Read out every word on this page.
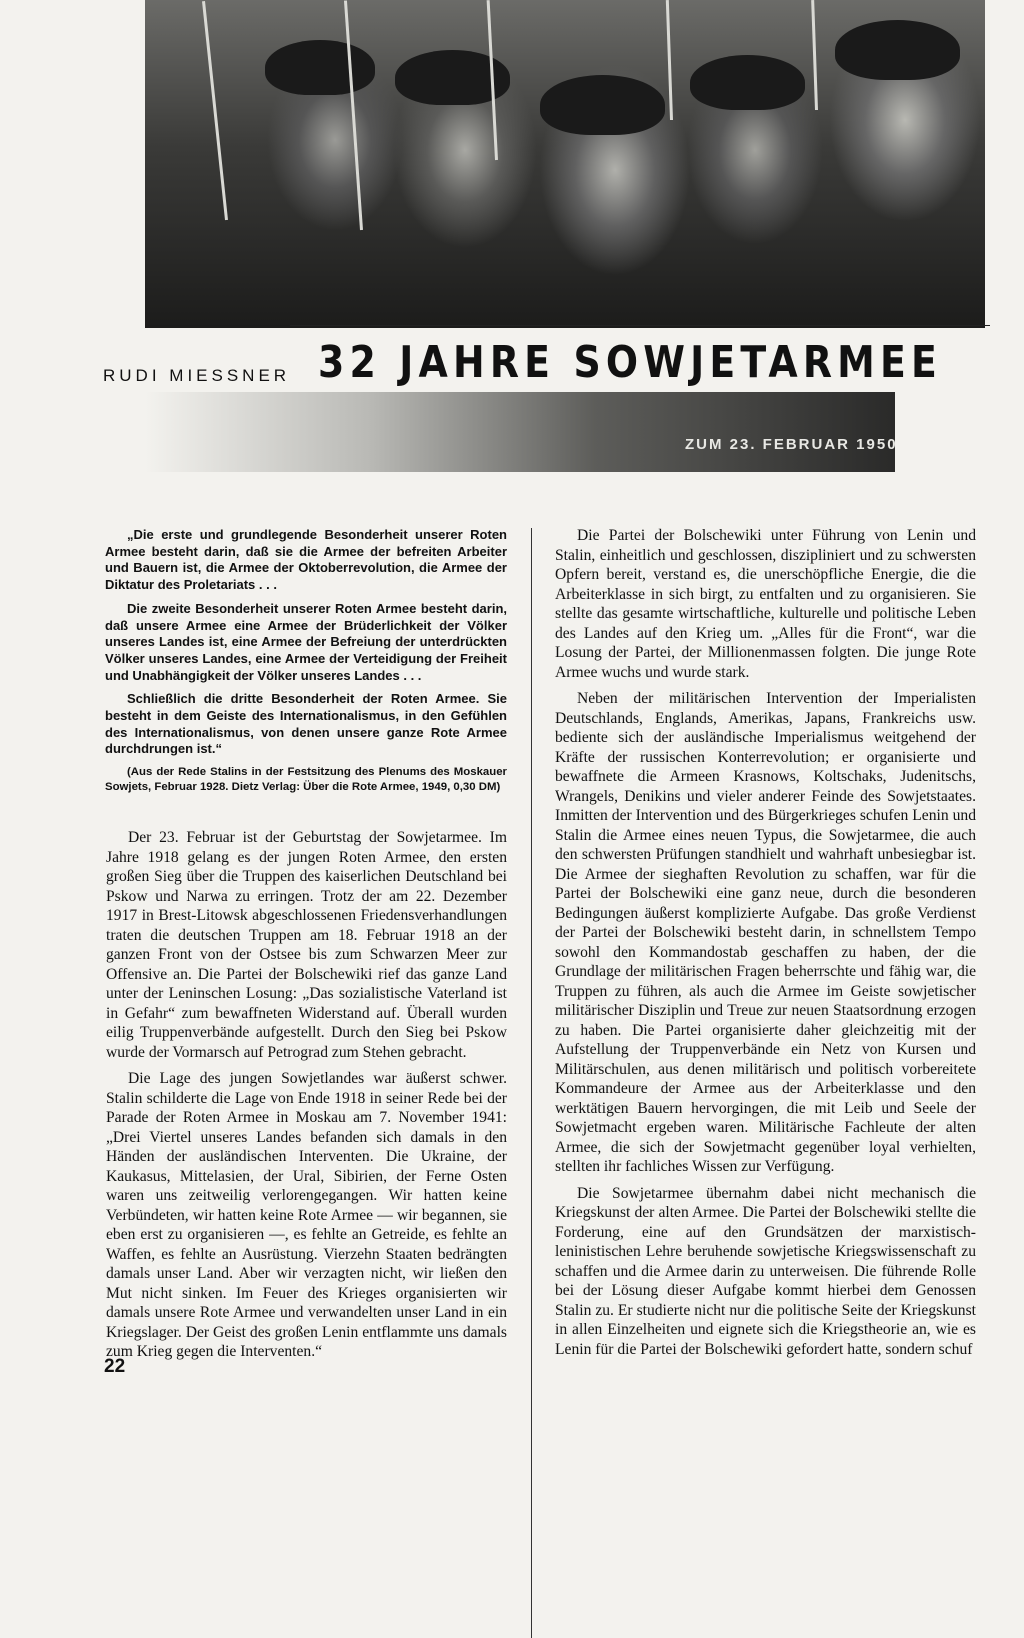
RUDI MIESSNER 32 JAHRE SOWJETARMEE
ZUM 23. FEBRUAR 1950

„Die erste und grundlegende Besonderheit unserer Roten Armee besteht darin, daß sie die Armee der befreiten Arbeiter und Bauern ist, die Armee der Oktoberrevolution, die Armee der Diktatur des Proletariats . . .

Die zweite Besonderheit unserer Roten Armee besteht darin, daß unsere Armee eine Armee der Brüderlichkeit der Völker unseres Landes ist, eine Armee der Befreiung der unterdrückten Völker unseres Landes, eine Armee der Verteidigung der Freiheit und Unabhängigkeit der Völker unseres Landes . . .

Schließlich die dritte Besonderheit der Roten Armee. Sie besteht in dem Geiste des Internationalismus, in den Gefühlen des Internationalismus, von denen unsere ganze Rote Armee durchdrungen ist.“

(Aus der Rede Stalins in der Festsitzung des Plenums des Moskauer Sowjets, Februar 1928. Dietz Verlag: Über die Rote Armee, 1949, 0,30 DM)

Der 23. Februar ist der Geburtstag der Sowjetarmee. Im Jahre 1918 gelang es der jungen Roten Armee, den ersten großen Sieg über die Truppen des kaiserlichen Deutschland bei Pskow und Narwa zu erringen. Trotz der am 22. Dezember 1917 in Brest-Litowsk abgeschlossenen Friedensverhandlungen traten die deutschen Truppen am 18. Februar 1918 an der ganzen Front von der Ostsee bis zum Schwarzen Meer zur Offensive an. Die Partei der Bolschewiki rief das ganze Land unter der Leninschen Losung: „Das sozialistische Vaterland ist in Gefahr“ zum bewaffneten Widerstand auf. Überall wurden eilig Truppenverbände aufgestellt. Durch den Sieg bei Pskow wurde der Vormarsch auf Petrograd zum Stehen gebracht.

Die Lage des jungen Sowjetlandes war äußerst schwer. Stalin schilderte die Lage von Ende 1918 in seiner Rede bei der Parade der Roten Armee in Moskau am 7. November 1941: „Drei Viertel unseres Landes befanden sich damals in den Händen der ausländischen Interventen. Die Ukraine, der Kaukasus, Mittelasien, der Ural, Sibirien, der Ferne Osten waren uns zeitweilig verlorengegangen. Wir hatten keine Verbündeten, wir hatten keine Rote Armee — wir begannen, sie eben erst zu organisieren —, es fehlte an Getreide, es fehlte an Waffen, es fehlte an Ausrüstung. Vierzehn Staaten bedrängten damals unser Land. Aber wir verzagten nicht, wir ließen den Mut nicht sinken. Im Feuer des Krieges organisierten wir damals unsere Rote Armee und verwandelten unser Land in ein Kriegslager. Der Geist des großen Lenin entflammte uns damals zum Krieg gegen die Interventen.“

Die Partei der Bolschewiki unter Führung von Lenin und Stalin, einheitlich und geschlossen, diszipliniert und zu schwersten Opfern bereit, verstand es, die unerschöpfliche Energie, die die Arbeiterklasse in sich birgt, zu entfalten und zu organisieren. Sie stellte das gesamte wirtschaftliche, kulturelle und politische Leben des Landes auf den Krieg um. „Alles für die Front“, war die Losung der Partei, der Millionenmassen folgten. Die junge Rote Armee wuchs und wurde stark.

Neben der militärischen Intervention der Imperialisten Deutschlands, Englands, Amerikas, Japans, Frankreichs usw. bediente sich der ausländische Imperialismus weitgehend der Kräfte der russischen Konterrevolution; er organisierte und bewaffnete die Armeen Krasnows, Koltschaks, Judenitschs, Wrangels, Denikins und vieler anderer Feinde des Sowjetstaates. Inmitten der Intervention und des Bürgerkrieges schufen Lenin und Stalin die Armee eines neuen Typus, die Sowjetarmee, die auch den schwersten Prüfungen standhielt und wahrhaft unbesiegbar ist. Die Armee der sieghaften Revolution zu schaffen, war für die Partei der Bolschewiki eine ganz neue, durch die besonderen Bedingungen äußerst komplizierte Aufgabe. Das große Verdienst der Partei der Bolschewiki besteht darin, in schnellstem Tempo sowohl den Kommandostab geschaffen zu haben, der die Grundlage der militärischen Fragen beherrschte und fähig war, die Truppen zu führen, als auch die Armee im Geiste sowjetischer militärischer Disziplin und Treue zur neuen Staatsordnung erzogen zu haben. Die Partei organisierte daher gleichzeitig mit der Aufstellung der Truppenverbände ein Netz von Kursen und Militärschulen, aus denen militärisch und politisch vorbereitete Kommandeure der Armee aus der Arbeiterklasse und den werktätigen Bauern hervorgingen, die mit Leib und Seele der Sowjetmacht ergeben waren. Militärische Fachleute der alten Armee, die sich der Sowjetmacht gegenüber loyal verhielten, stellten ihr fachliches Wissen zur Verfügung.

Die Sowjetarmee übernahm dabei nicht mechanisch die Kriegskunst der alten Armee. Die Partei der Bolschewiki stellte die Forderung, eine auf den Grundsätzen der marxistisch-leninistischen Lehre beruhende sowjetische Kriegswissenschaft zu schaffen und die Armee darin zu unterweisen. Die führende Rolle bei der Lösung dieser Aufgabe kommt hierbei dem Genossen Stalin zu. Er studierte nicht nur die politische Seite der Kriegskunst in allen Einzelheiten und eignete sich die Kriegstheorie an, wie es Lenin für die Partei der Bolschewiki gefordert hatte, sondern schuf

22
